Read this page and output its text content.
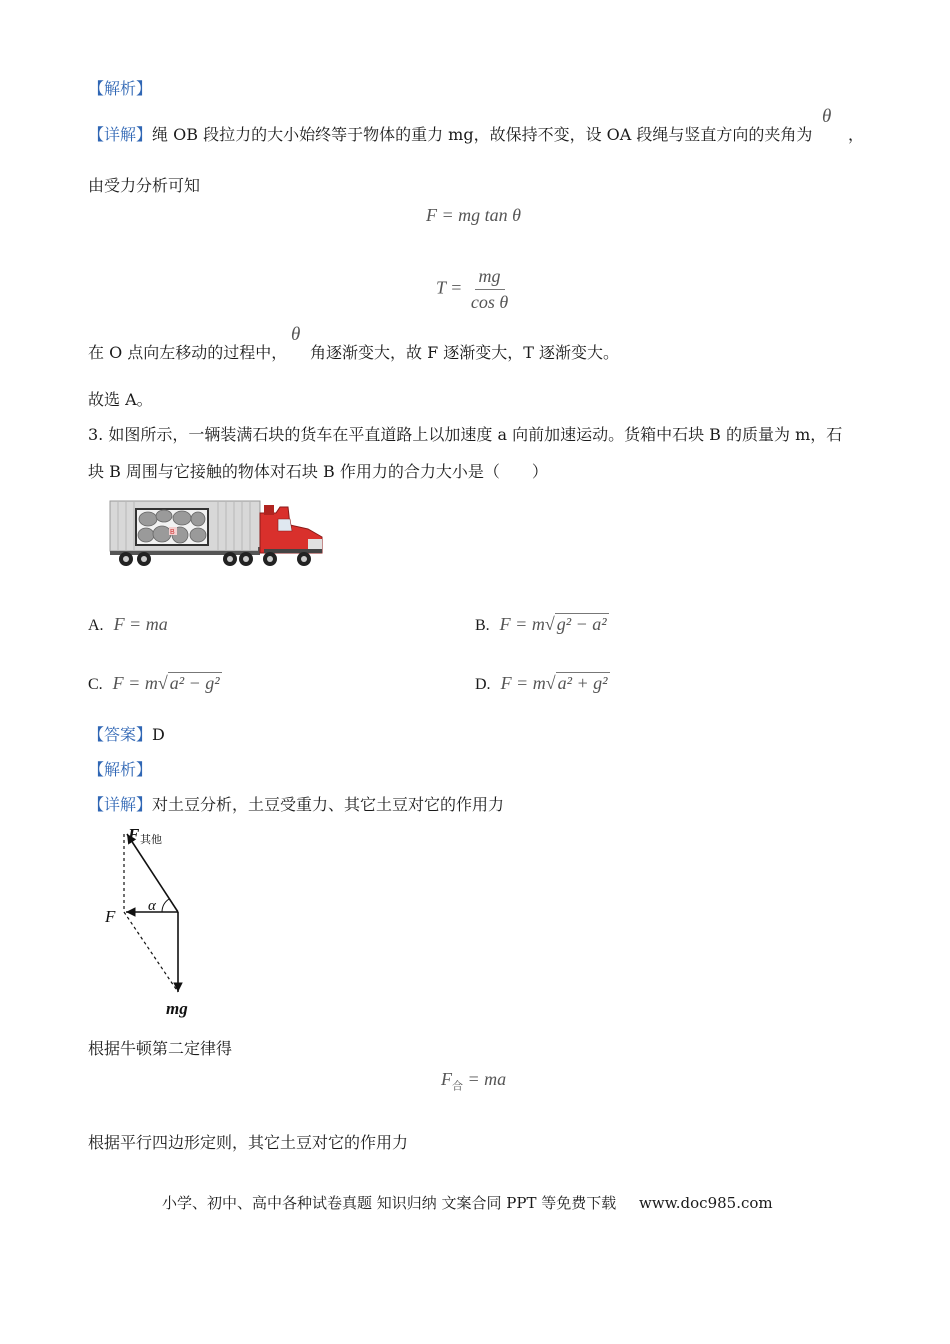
【解析】
【详解】绳 OB 段拉力的大小始终等于物体的重力 mg，故保持不变，设 OA 段绳与竖直方向的夹角为
θ
，
由受力分析可知
F = mg tan θ
$T = \frac{mg}{\text{cos θ}}$
在 O 点向左移动的过程中，
θ
角逐渐变大，故 F 逐渐变大，T 逐渐变大。
故选 A。
3. 如图所示，一辆装满石块的货车在平直道路上以加速度 a 向前加速运动。货箱中石块 B 的质量为 m，石
块 B 周围与它接触的物体对石块 B 作用力的合力大小是（　　）
B
A. F = ma	B. F = m√ g² − a²
C. F = m√ a² − g²	D. F = m√ a² + g²
【答案】D
【解析】
【详解】对土豆分析，土豆受重力、其它土豆对它的作用力
F 其他
α
F
mg
根据牛顿第二定律得
$F_合$ = ma
根据平行四边形定则，其它土豆对它的作用力
小学、初中、高中各种试卷真题 知识归纳 文案合同 PPT 等免费下载 www.doc985.com
